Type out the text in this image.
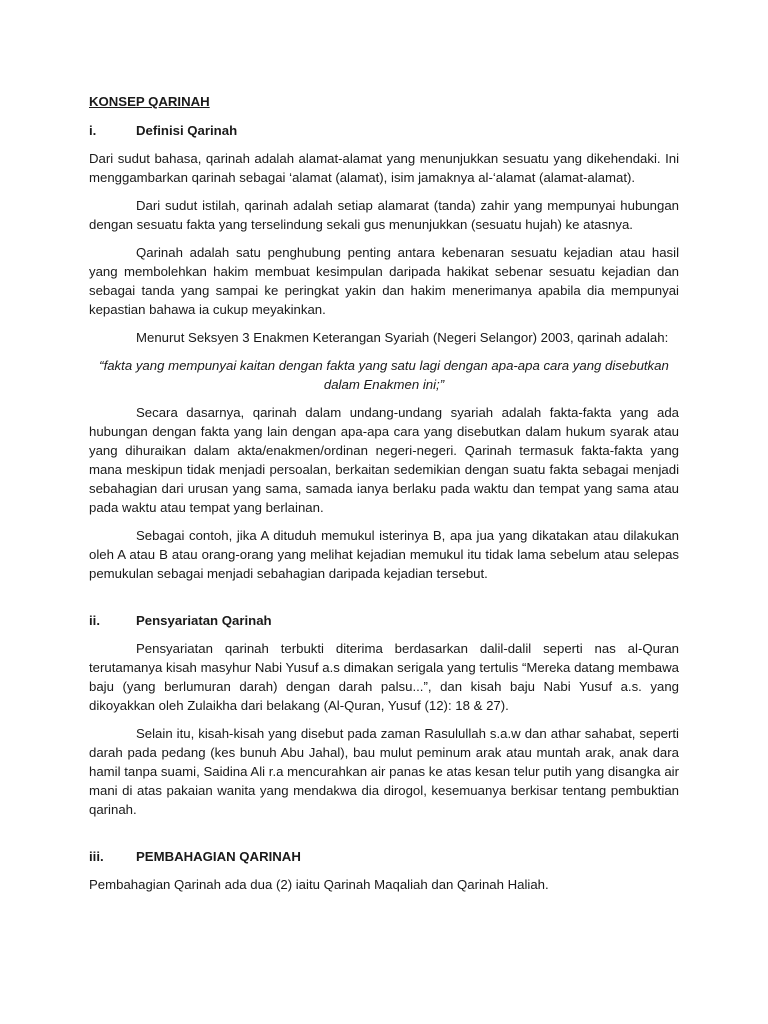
KONSEP QARINAH
i.	Definisi Qarinah

Dari sudut bahasa, qarinah adalah alamat-alamat yang menunjukkan sesuatu yang dikehendaki. Ini menggambarkan qarinah sebagai ‘alamat (alamat), isim jamaknya al-‘alamat (alamat-alamat).

Dari sudut istilah, qarinah adalah setiap alamarat (tanda) zahir yang mempunyai hubungan dengan sesuatu fakta yang terselindung sekali gus menunjukkan (sesuatu hujah) ke atasnya.

Qarinah adalah satu penghubung penting antara kebenaran sesuatu kejadian atau hasil yang membolehkan hakim membuat kesimpulan daripada hakikat sebenar sesuatu kejadian dan sebagai tanda yang sampai ke peringkat yakin dan hakim menerimanya apabila dia mempunyai kepastian bahawa ia cukup meyakinkan.

Menurut Seksyen 3 Enakmen Keterangan Syariah (Negeri Selangor) 2003, qarinah adalah:

“fakta yang mempunyai kaitan dengan fakta yang satu lagi dengan apa-apa cara yang disebutkan dalam Enakmen ini;”

Secara dasarnya, qarinah dalam undang-undang syariah adalah fakta-fakta yang ada hubungan dengan fakta yang lain dengan apa-apa cara yang disebutkan dalam hukum syarak atau yang dihuraikan dalam akta/enakmen/ordinan negeri-negeri. Qarinah termasuk fakta-fakta yang mana meskipun tidak menjadi persoalan, berkaitan sedemikian dengan suatu fakta sebagai menjadi sebahagian dari urusan yang sama, samada ianya berlaku pada waktu dan tempat yang sama atau pada waktu atau tempat yang berlainan.

Sebagai contoh, jika A dituduh memukul isterinya B, apa jua yang dikatakan atau dilakukan oleh A atau B atau orang-orang yang melihat kejadian memukul itu tidak lama sebelum atau selepas pemukulan sebagai menjadi sebahagian daripada kejadian tersebut.

ii.	Pensyariatan Qarinah

Pensyariatan qarinah terbukti diterima berdasarkan dalil-dalil seperti nas al-Quran terutamanya kisah masyhur Nabi Yusuf a.s dimakan serigala yang tertulis “Mereka datang membawa baju (yang berlumuran darah) dengan darah palsu...”, dan kisah baju Nabi Yusuf a.s. yang dikoyakkan oleh Zulaikha dari belakang (Al-Quran, Yusuf (12): 18 & 27).

Selain itu, kisah-kisah yang disebut pada zaman Rasulullah s.a.w dan athar sahabat, seperti darah pada pedang (kes bunuh Abu Jahal), bau mulut peminum arak atau muntah arak, anak dara hamil tanpa suami, Saidina Ali r.a mencurahkan air panas ke atas kesan telur putih yang disangka air mani di atas pakaian wanita yang mendakwa dia dirogol, kesemuanya berkisar tentang pembuktian qarinah.

iii.	PEMBAHAGIAN QARINAH

Pembahagian Qarinah ada dua (2) iaitu Qarinah Maqaliah dan Qarinah Haliah.
